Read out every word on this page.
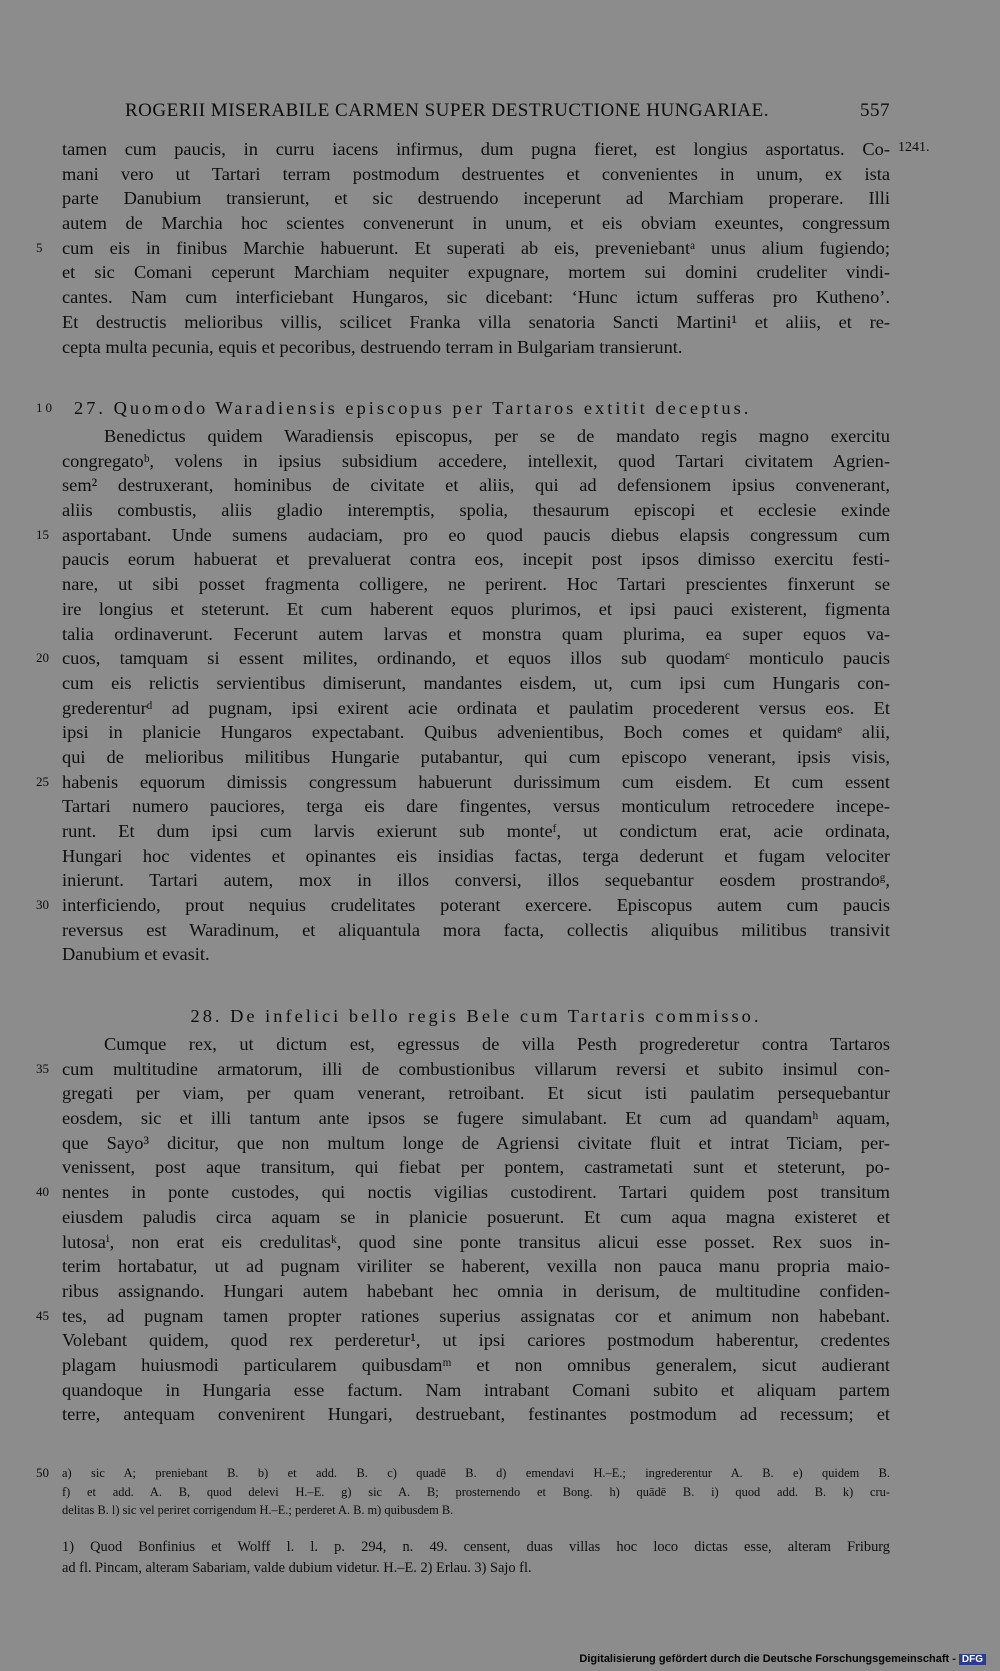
ROGERII MISERABILE CARMEN SUPER DESTRUCTIONE HUNGARIAE.	557
1241.
tamen cum paucis, in curru iacens infirmus, dum pugna fieret, est longius asportatus. Co-
mani vero ut Tartari terram postmodum destruentes et convenientes in unum, ex ista
parte Danubium transierunt, et sic destruendo inceperunt ad Marchiam properare. Illi
autem de Marchia hoc scientes convenerunt in unum, et eis obviam exeuntes, congressum
5	cum eis in finibus Marchie habuerunt. Et superati ab eis, preveniebantᵃ unus alium fugiendo;
et sic Comani ceperunt Marchiam nequiter expugnare, mortem sui domini crudeliter vindi-
cantes. Nam cum interficiebant Hungaros, sic dicebant: ‘Hunc ictum sufferas pro Kutheno’.
Et destructis melioribus villis, scilicet Franka villa senatoria Sancti Martini¹ et aliis, et re-
cepta multa pecunia, equis et pecoribus, destruendo terram in Bulgariam transierunt.
10 27. Quomodo Waradiensis episcopus per Tartaros extitit deceptus.
Benedictus quidem Waradiensis episcopus, per se de mandato regis magno exercitu
congregatoᵇ, volens in ipsius subsidium accedere, intellexit, quod Tartari civitatem Agrien-
sem² destruxerant, hominibus de civitate et aliis, qui ad defensionem ipsius convenerant,
aliis combustis, aliis gladio interemptis, spolia, thesaurum episcopi et ecclesie exinde
15 asportabant. Unde sumens audaciam, pro eo quod paucis diebus elapsis congressum cum
paucis eorum habuerat et prevaluerat contra eos, incepit post ipsos dimisso exercitu festi-
nare, ut sibi posset fragmenta colligere, ne perirent. Hoc Tartari prescientes finxerunt se
ire longius et steterunt. Et cum haberent equos plurimos, et ipsi pauci existerent, figmenta
talia ordinaverunt. Fecerunt autem larvas et monstra quam plurima, ea super equos va-
20 cuos, tamquam si essent milites, ordinando, et equos illos sub quodamᶜ monticulo paucis
cum eis relictis servientibus dimiserunt, mandantes eisdem, ut, cum ipsi cum Hungaris con-
grederenturᵈ ad pugnam, ipsi exirent acie ordinata et paulatim procederent versus eos. Et
ipsi in planicie Hungaros expectabant. Quibus advenientibus, Boch comes et quidamᵉ alii,
qui de melioribus militibus Hungarie putabantur, qui cum episcopo venerant, ipsis visis,
25 habenis equorum dimissis congressum habuerunt durissimum cum eisdem. Et cum essent
Tartari numero pauciores, terga eis dare fingentes, versus monticulum retrocedere incepe-
runt. Et dum ipsi cum larvis exierunt sub monteᶠ, ut condictum erat, acie ordinata,
Hungari hoc videntes et opinantes eis insidias factas, terga dederunt et fugam velociter
inierunt. Tartari autem, mox in illos conversi, illos sequebantur eosdem prostrandoᵍ,
30 interficiendo, prout nequius crudelitates poterant exercere. Episcopus autem cum paucis
reversus est Waradinum, et aliquantula mora facta, collectis aliquibus militibus transivit
Danubium et evasit.
28. De infelici bello regis Bele cum Tartaris commisso.
Cumque rex, ut dictum est, egressus de villa Pesth progrederetur contra Tartaros
35 cum multitudine armatorum, illi de combustionibus villarum reversi et subito insimul con-
gregati per viam, per quam venerant, retroibant. Et sicut isti paulatim persequebantur
eosdem, sic et illi tantum ante ipsos se fugere simulabant. Et cum ad quandamʰ aquam,
que Sayo³ dicitur, que non multum longe de Agriensi civitate fluit et intrat Ticiam, per-
venissent, post aque transitum, qui fiebat per pontem, castrametati sunt et steterunt, po-
40 nentes in ponte custodes, qui noctis vigilias custodirent. Tartari quidem post transitum
eiusdem paludis circa aquam se in planicie posuerunt. Et cum aqua magna existeret et
lutosaⁱ, non erat eis credulitasᵏ, quod sine ponte transitus alicui esse posset. Rex suos in-
terim hortabatur, ut ad pugnam viriliter se haberent, vexilla non pauca manu propria maio-
ribus assignando. Hungari autem habebant hec omnia in derisum, de multitudine confiden-
45 tes, ad pugnam tamen propter rationes superius assignatas cor et animum non habebant.
Volebant quidem, quod rex perderetur¹, ut ipsi cariores postmodum haberentur, credentes
plagam huiusmodi particularem quibusdamᵐ et non omnibus generalem, sicut audierant
quandoque in Hungaria esse factum. Nam intrabant Comani subito et aliquam partem
terre, antequam convenirent Hungari, destruebant, festinantes postmodum ad recessum; et
50	a) sic A; preniebant B. b) et add. B. c) quadē B. d) emendavi H.–E.; ingrederentur A. B. e) quidem B.
f) et add. A. B, quod delevi H.–E. g) sic A. B; prosternendo et Bong. h) quādē B. i) quod add. B. k) cru-
delitas B. l) sic vel periret corrigendum H.–E.; perderet A. B. m) quibusdem B.
1) Quod Bonfinius et Wolff l. l. p. 294, n. 49. censent, duas villas hoc loco dictas esse, alteram Friburg
ad fl. Pincam, alteram Sabariam, valde dubium videtur. H.–E. 2) Erlau. 3) Sajo fl.
Digitalisierung gefördert durch die Deutsche Forschungsgemeinschaft - DFG
